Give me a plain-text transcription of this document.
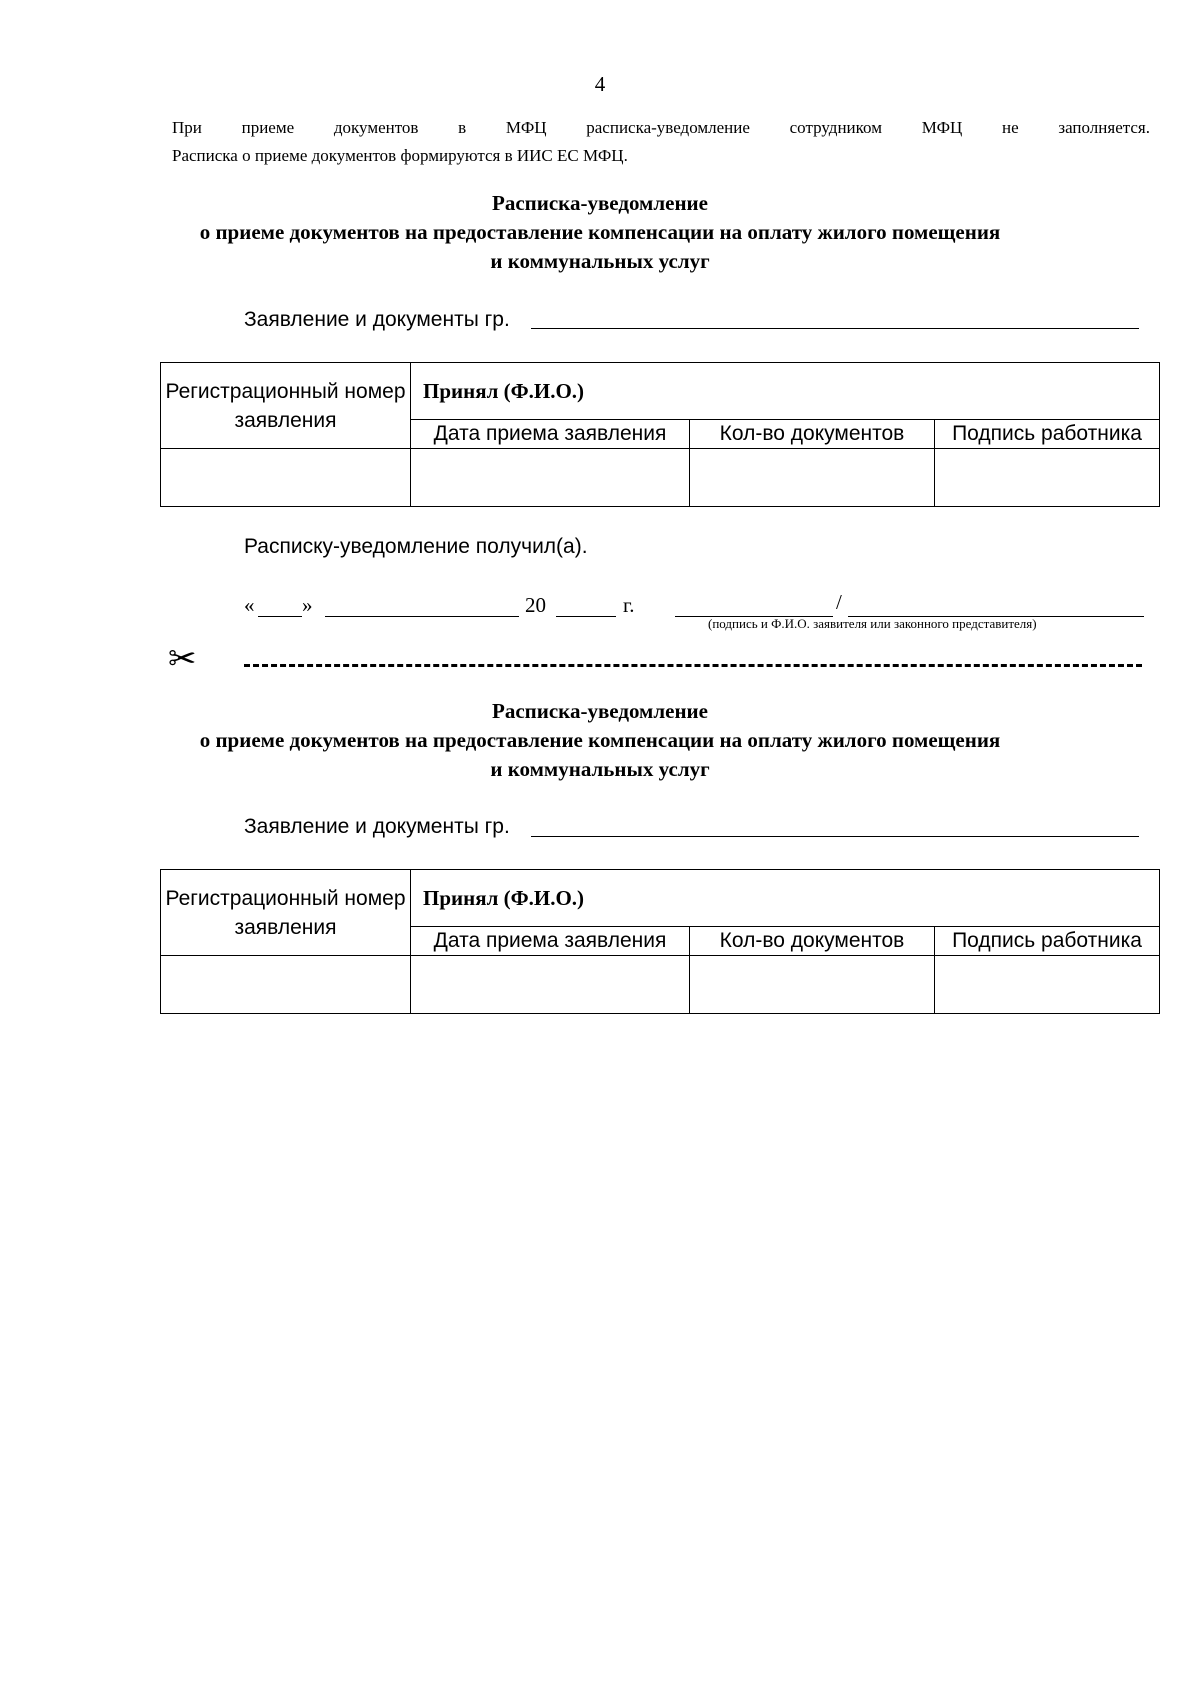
4
При приеме документов в МФЦ расписка-уведомление сотрудником МФЦ не заполняется.
Расписка о приеме документов формируются в ИИС ЕС МФЦ.
Расписка-уведомление
о приеме документов на предоставление компенсации на оплату жилого помещения
и коммунальных услуг
Заявление и документы гр.
Регистрационный номер заявления	Принял (Ф.И.О.)		
	Дата приема заявления	Кол-во документов	Подпись работника

Расписку-уведомление получил(а).
« »	20	г.	/
(подпись и Ф.И.О. заявителя или законного представителя)
✂
Расписка-уведомление
о приеме документов на предоставление компенсации на оплату жилого помещения
и коммунальных услуг
Заявление и документы гр.
Регистрационный номер заявления	Принял (Ф.И.О.)		
	Дата приема заявления	Кол-во документов	Подпись работника
